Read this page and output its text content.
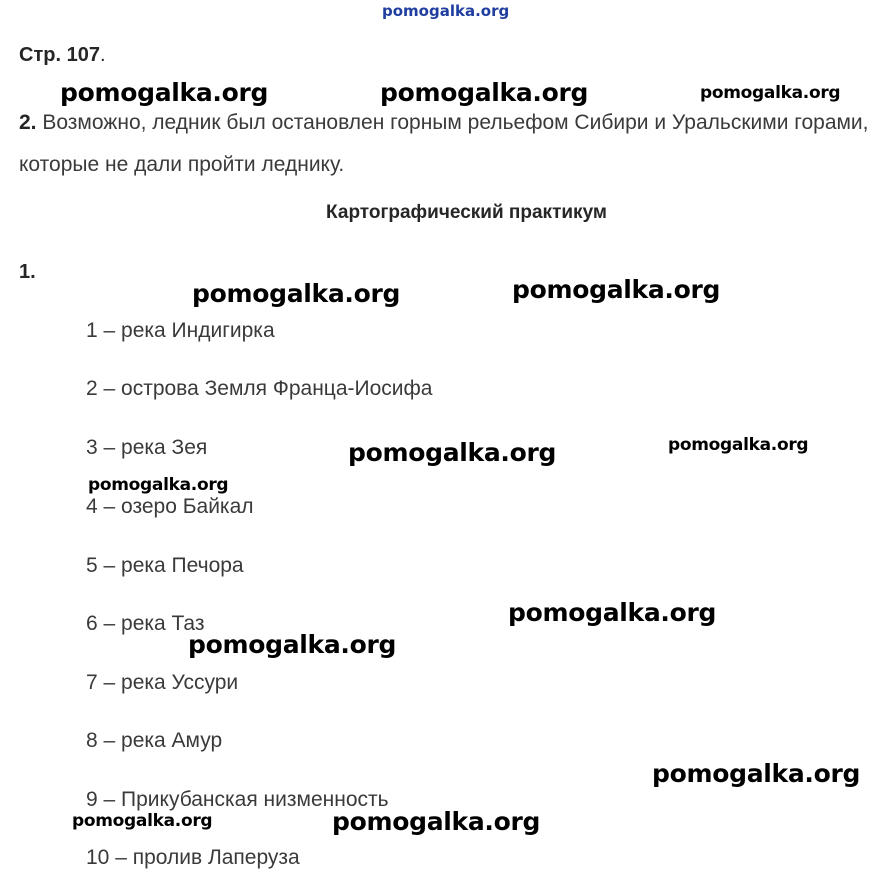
pomogalka.org
Стр. 107.
2. Возможно, ледник был остановлен горным рельефом Сибири и Уральскими горами, которые не дали пройти леднику.
Картографический практикум
1.
1 – река Индигирка
2 – острова Земля Франца-Иосифа
3 – река Зея
4 – озеро Байкал
5 – река Печора
6 – река Таз
7 – река Уссури
8 – река Амур
9 – Прикубанская низменность
10 – пролив Лаперуза
pomogalka.org	pomogalka.org	pomogalka.org
pomogalka.org	pomogalka.org
pomogalka.org	pomogalka.org
pomogalka.org
pomogalka.org
pomogalka.org
pomogalka.org
pomogalka.org	pomogalka.org
